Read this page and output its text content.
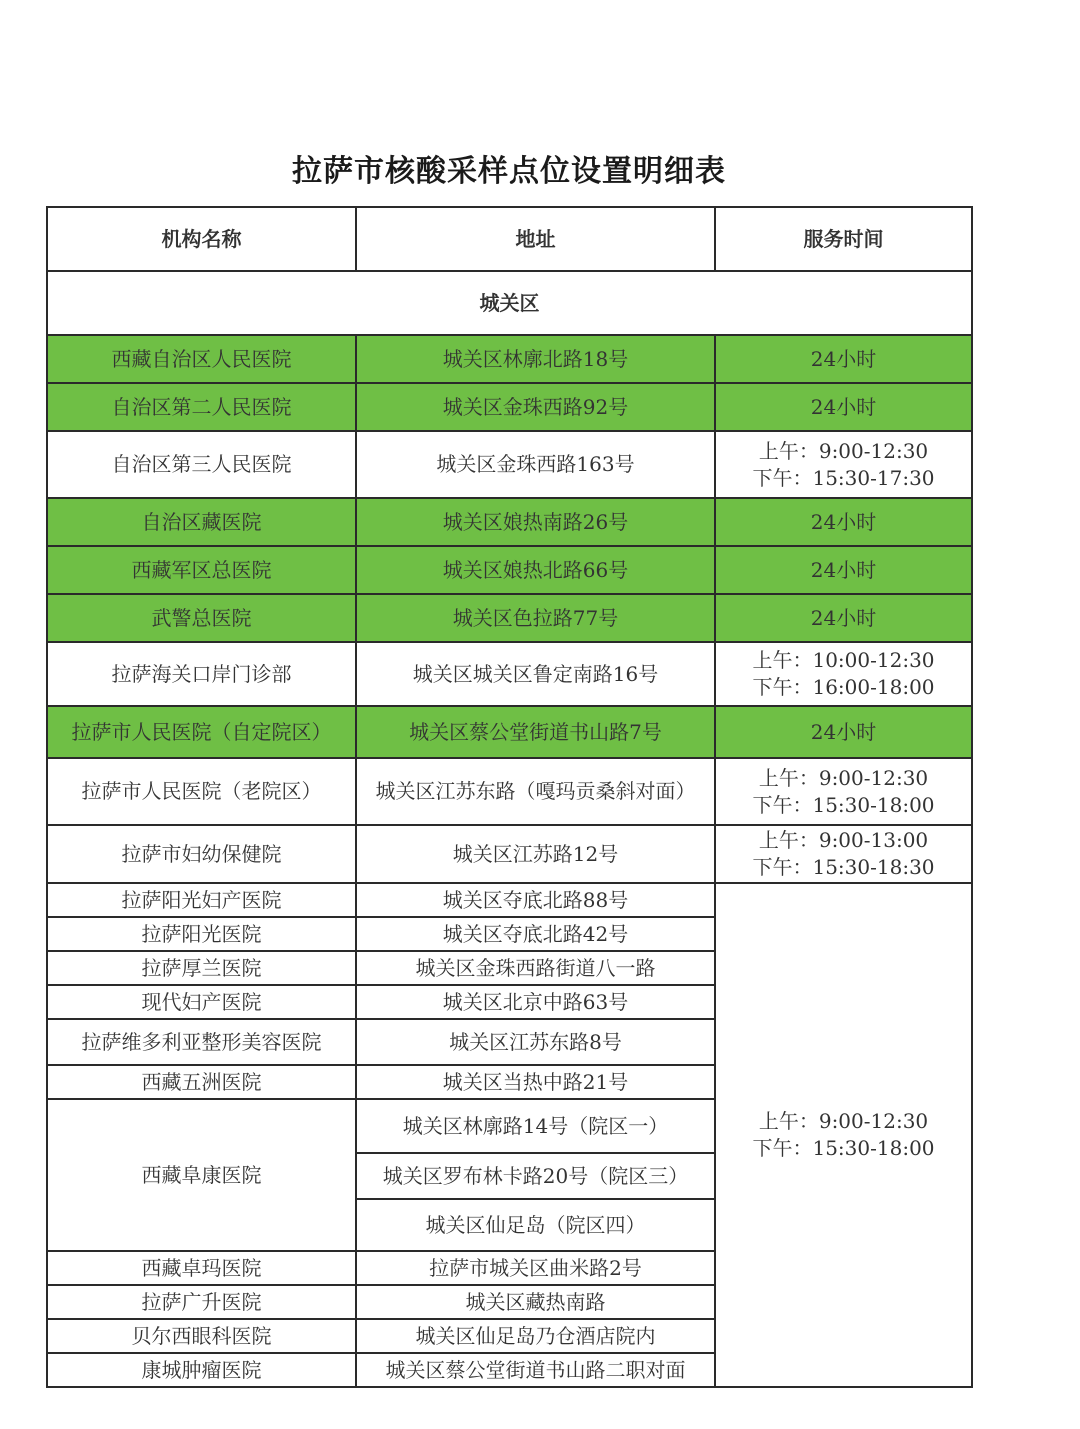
拉萨市核酸采样点位设置明细表
机构名称	地址	服务时间
城关区		
西藏自治区人民医院	城关区林廓北路18号	24小时
自治区第二人民医院	城关区金珠西路92号	24小时
自治区第三人民医院	城关区金珠西路163号	上午：9:00-12:30
下午：15:30-17:30

自治区藏医院	城关区娘热南路26号	24小时
西藏军区总医院	城关区娘热北路66号	24小时
武警总医院	城关区色拉路77号	24小时
拉萨海关口岸门诊部	城关区城关区鲁定南路16号	上午：10:00-12:30
下午：16:00-18:00

拉萨市人民医院（自定院区）	城关区蔡公堂街道书山路7号	24小时
拉萨市人民医院（老院区）	城关区江苏东路（嘎玛贡桑斜对面）	上午：9:00-12:30
下午：15:30-18:00

拉萨市妇幼保健院	城关区江苏路12号	上午：9:00-13:00
下午：15:30-18:30

拉萨阳光妇产医院	城关区夺底北路88号	上午：9:00-12:30
下午：15:30-18:00

拉萨阳光医院	城关区夺底北路42号	
拉萨厚兰医院	城关区金珠西路街道八一路	
现代妇产医院	城关区北京中路63号	
拉萨维多利亚整形美容医院	城关区江苏东路8号	
西藏五洲医院	城关区当热中路21号	
西藏阜康医院	城关区林廓路14号（院区一）	
	城关区罗布林卡路20号（院区三）	
	城关区仙足岛（院区四）	
西藏卓玛医院	拉萨市城关区曲米路2号	
拉萨广升医院	城关区藏热南路	
贝尔西眼科医院	城关区仙足岛乃仓酒店院内	
康城肿瘤医院	城关区蔡公堂街道书山路二职对面	
